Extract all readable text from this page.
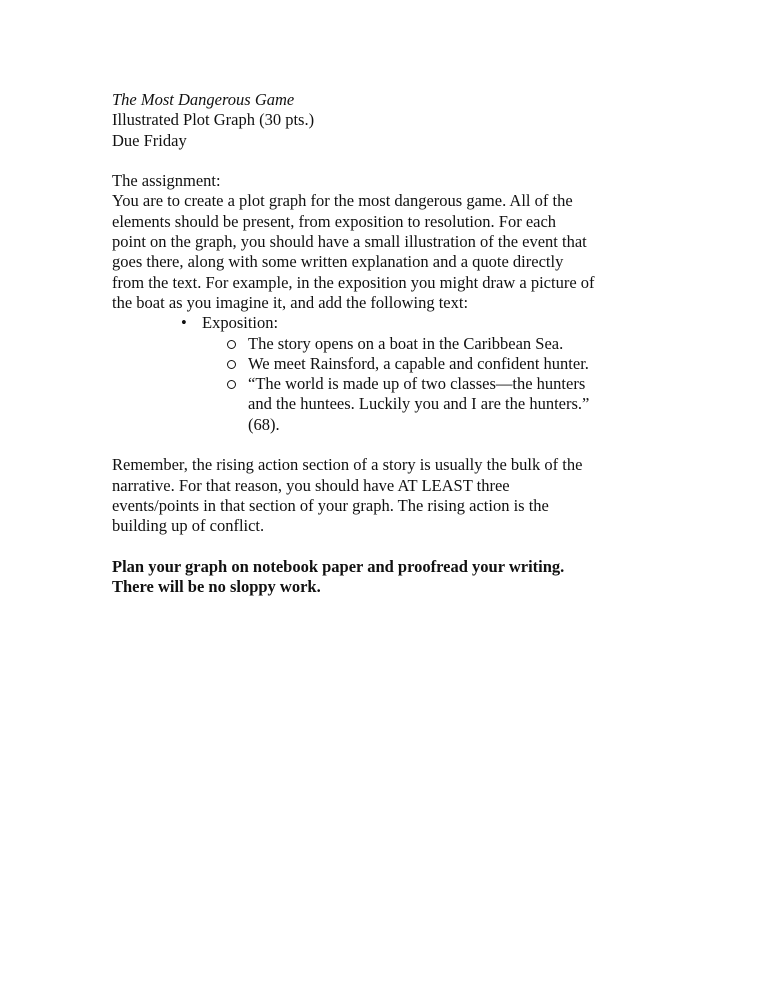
The Most Dangerous Game
Illustrated Plot Graph (30 pts.)
Due Friday
The assignment:
You are to create a plot graph for the most dangerous game. All of the
elements should be present, from exposition to resolution. For each
point on the graph, you should have a small illustration of the event that
goes there, along with some written explanation and a quote directly
from the text. For example, in the exposition you might draw a picture of
the boat as you imagine it, and add the following text:
• Exposition:
The story opens on a boat in the Caribbean Sea.
We meet Rainsford, a capable and confident hunter.
“The world is made up of two classes—the hunters
and the huntees. Luckily you and I are the hunters.”
(68).
Remember, the rising action section of a story is usually the bulk of the
narrative. For that reason, you should have AT LEAST three
events/points in that section of your graph. The rising action is the
building up of conflict.
Plan your graph on notebook paper and proofread your writing.
There will be no sloppy work.
